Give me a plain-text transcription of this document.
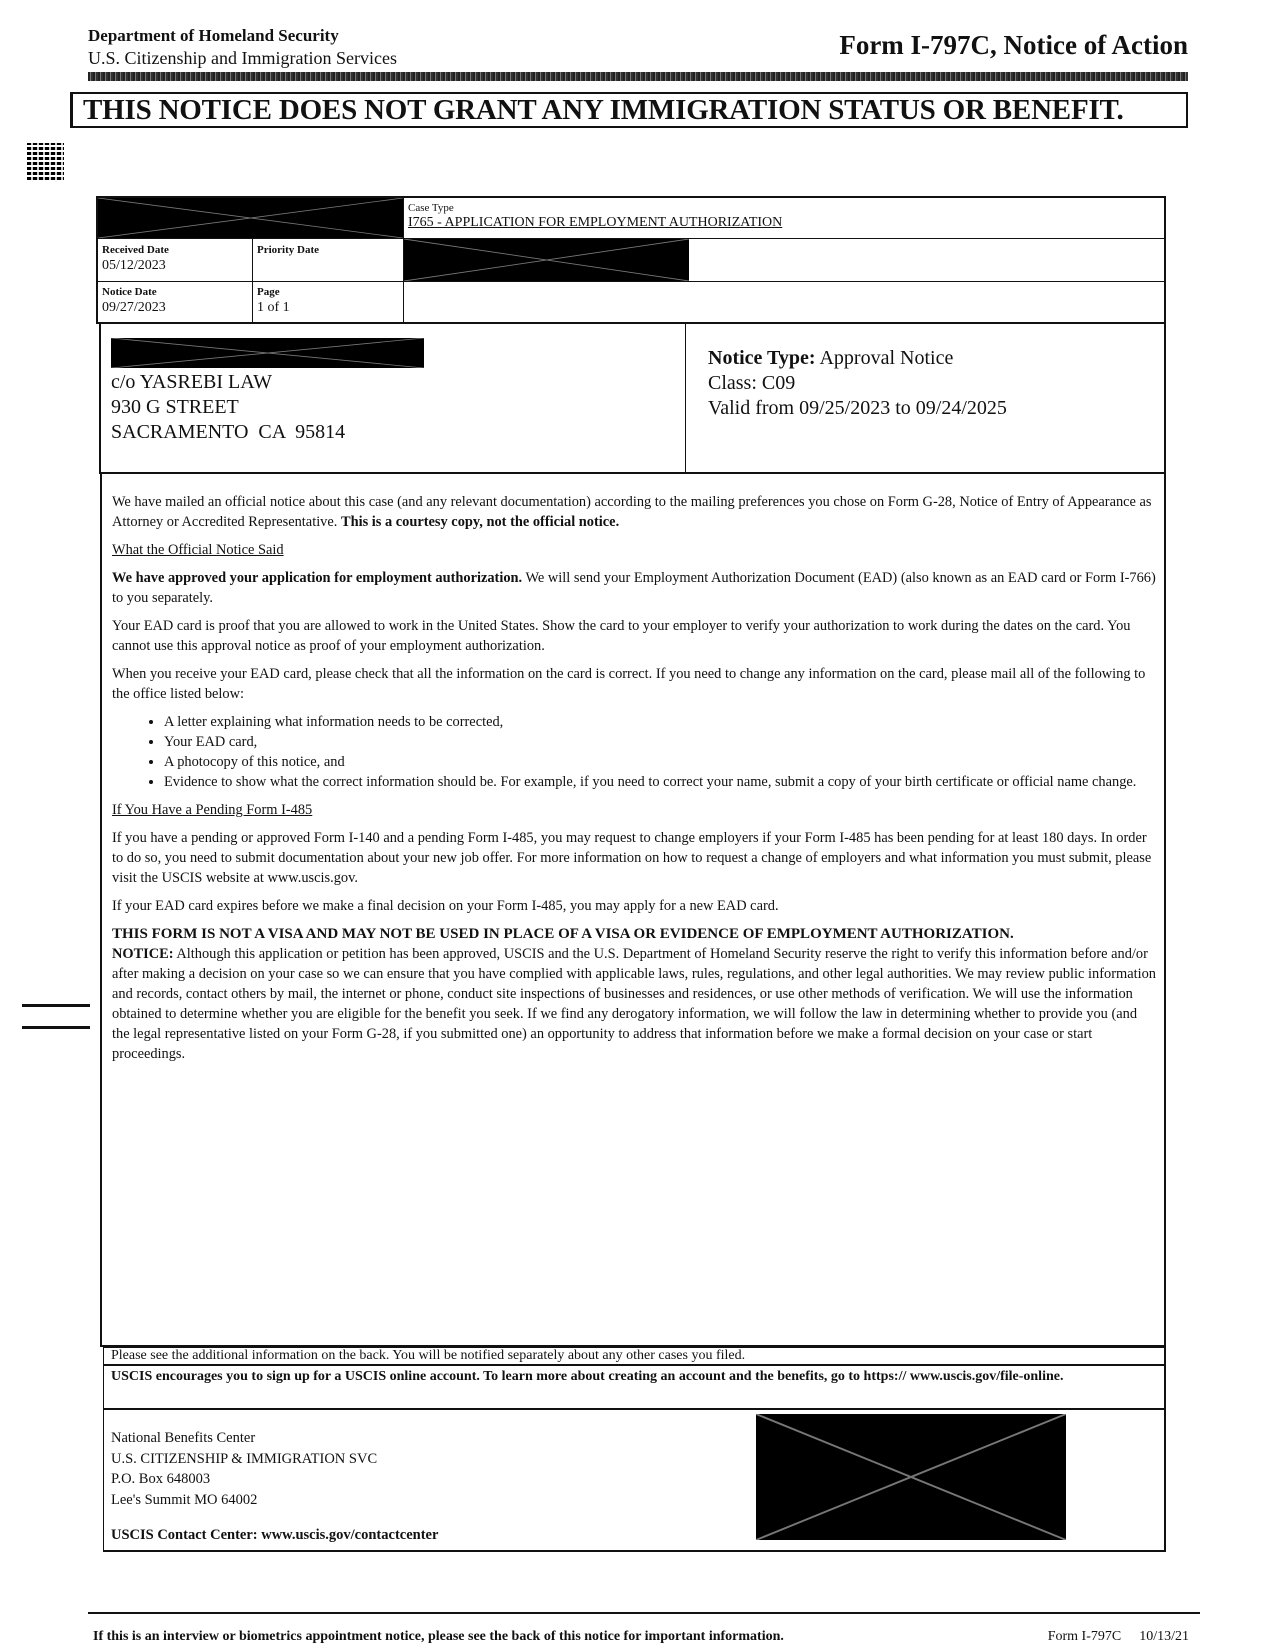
Department of Homeland Security
U.S. Citizenship and Immigration Services	Form I-797C, Notice of Action
THIS NOTICE DOES NOT GRANT ANY IMMIGRATION STATUS OR BENEFIT.
Case Type
I765 - APPLICATION FOR EMPLOYMENT AUTHORIZATION
Received Date
05/12/2023
Priority Date
Notice Date
09/27/2023
Page
1 of 1
c/o YASREBI LAW
930 G STREET
SACRAMENTO  CA  95814
Notice Type: Approval Notice
Class: C09
Valid from 09/25/2023 to 09/24/2025

We have mailed an official notice about this case (and any relevant documentation) according to the mailing preferences you chose on Form G-28, Notice of Entry of Appearance as Attorney or Accredited Representative. This is a courtesy copy, not the official notice.

What the Official Notice Said

We have approved your application for employment authorization. We will send your Employment Authorization Document (EAD) (also known as an EAD card or Form I-766) to you separately.

Your EAD card is proof that you are allowed to work in the United States. Show the card to your employer to verify your authorization to work during the dates on the card. You cannot use this approval notice as proof of your employment authorization.

When you receive your EAD card, please check that all the information on the card is correct. If you need to change any information on the card, please mail all of the following to the office listed below:

• A letter explaining what information needs to be corrected,
• Your EAD card,
• A photocopy of this notice, and
• Evidence to show what the correct information should be. For example, if you need to correct your name, submit a copy of your birth certificate or official name change.
If You Have a Pending Form I-485

If you have a pending or approved Form I-140 and a pending Form I-485, you may request to change employers if your Form I-485 has been pending for at least 180 days. In order to do so, you need to submit documentation about your new job offer. For more information on how to request a change of employers and what information you must submit, please visit the USCIS website at www.uscis.gov.

If your EAD card expires before we make a final decision on your Form I-485, you may apply for a new EAD card.

THIS FORM IS NOT A VISA AND MAY NOT BE USED IN PLACE OF A VISA OR EVIDENCE OF EMPLOYMENT AUTHORIZATION.

NOTICE: Although this application or petition has been approved, USCIS and the U.S. Department of Homeland Security reserve the right to verify this information before and/or after making a decision on your case so we can ensure that you have complied with applicable laws, rules, regulations, and other legal authorities. We may review public information and records, contact others by mail, the internet or phone, conduct site inspections of businesses and residences, or use other methods of verification. We will use the information obtained to determine whether you are eligible for the benefit you seek. If we find any derogatory information, we will follow the law in determining whether to provide you (and the legal representative listed on your Form G-28, if you submitted one) an opportunity to address that information before we make a formal decision on your case or start proceedings.

Please see the additional information on the back. You will be notified separately about any other cases you filed.
USCIS encourages you to sign up for a USCIS online account. To learn more about creating an account and the benefits, go to https:// www.uscis.gov/file-online.
National Benefits Center
U.S. CITIZENSHIP & IMMIGRATION SVC
P.O. Box 648003
Lee's Summit MO 64002
USCIS Contact Center: www.uscis.gov/contactcenter
If this is an interview or biometrics appointment notice, please see the back of this notice for important information.	Form I-797C 10/13/21
